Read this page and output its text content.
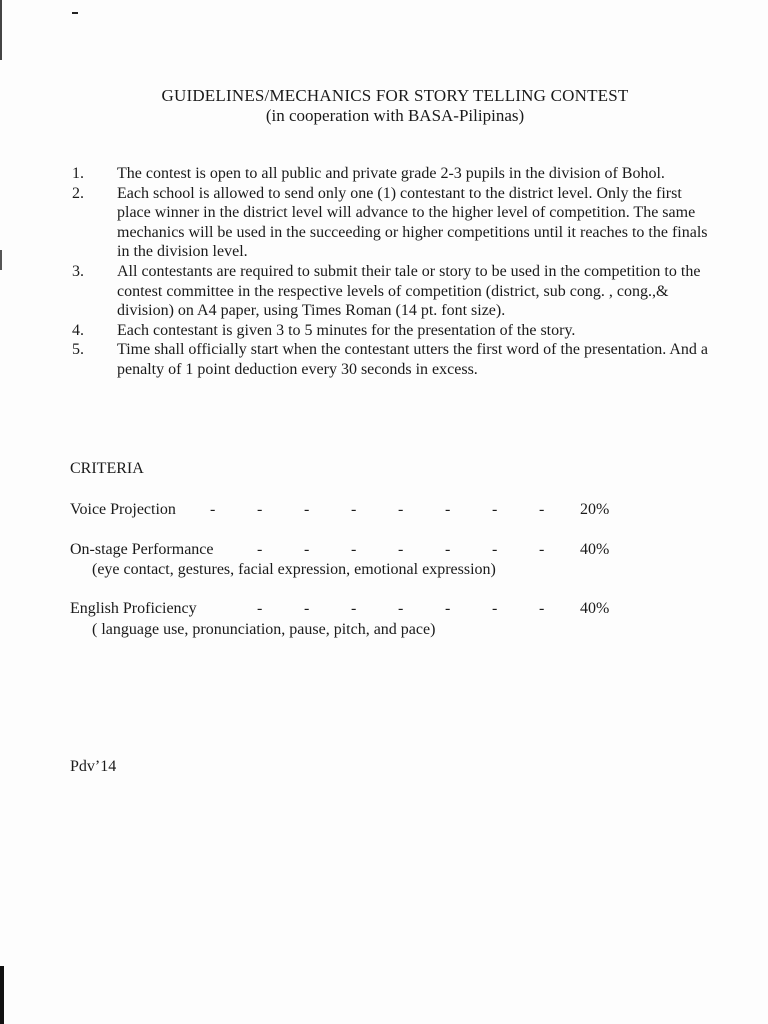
GUIDELINES/MECHANICS FOR STORY TELLING CONTEST
(in cooperation with BASA-Pilipinas)
1.	The contest is open to all public and private grade 2-3 pupils in the division of Bohol.
2.	Each school is allowed to send only one (1) contestant to the district level. Only the first place winner in the district level will advance to the higher level of competition. The same mechanics will be used in the succeeding or higher competitions until it reaches to the finals in the division level.
3.	All contestants are required to submit their tale or story to be used in the competition to the contest committee in the respective levels of competition (district, sub cong. , cong.,& division) on A4 paper, using Times Roman (14 pt. font size).
4.	Each contestant is given 3 to 5 minutes for the presentation of the story.
5.	Time shall officially start when the contestant utters the first word of the presentation. And a penalty of 1 point deduction every 30 seconds in excess.
CRITERIA
Voice Projection -	-	-	-	-	-	-	-	20%
On-stage Performance	-	-	-	-	-	-	-	40%
(eye contact, gestures, facial expression, emotional expression)
English Proficiency	-	-	-	-	-	-	-	40%
( language use, pronunciation, pause, pitch, and pace)
Pdv’14
